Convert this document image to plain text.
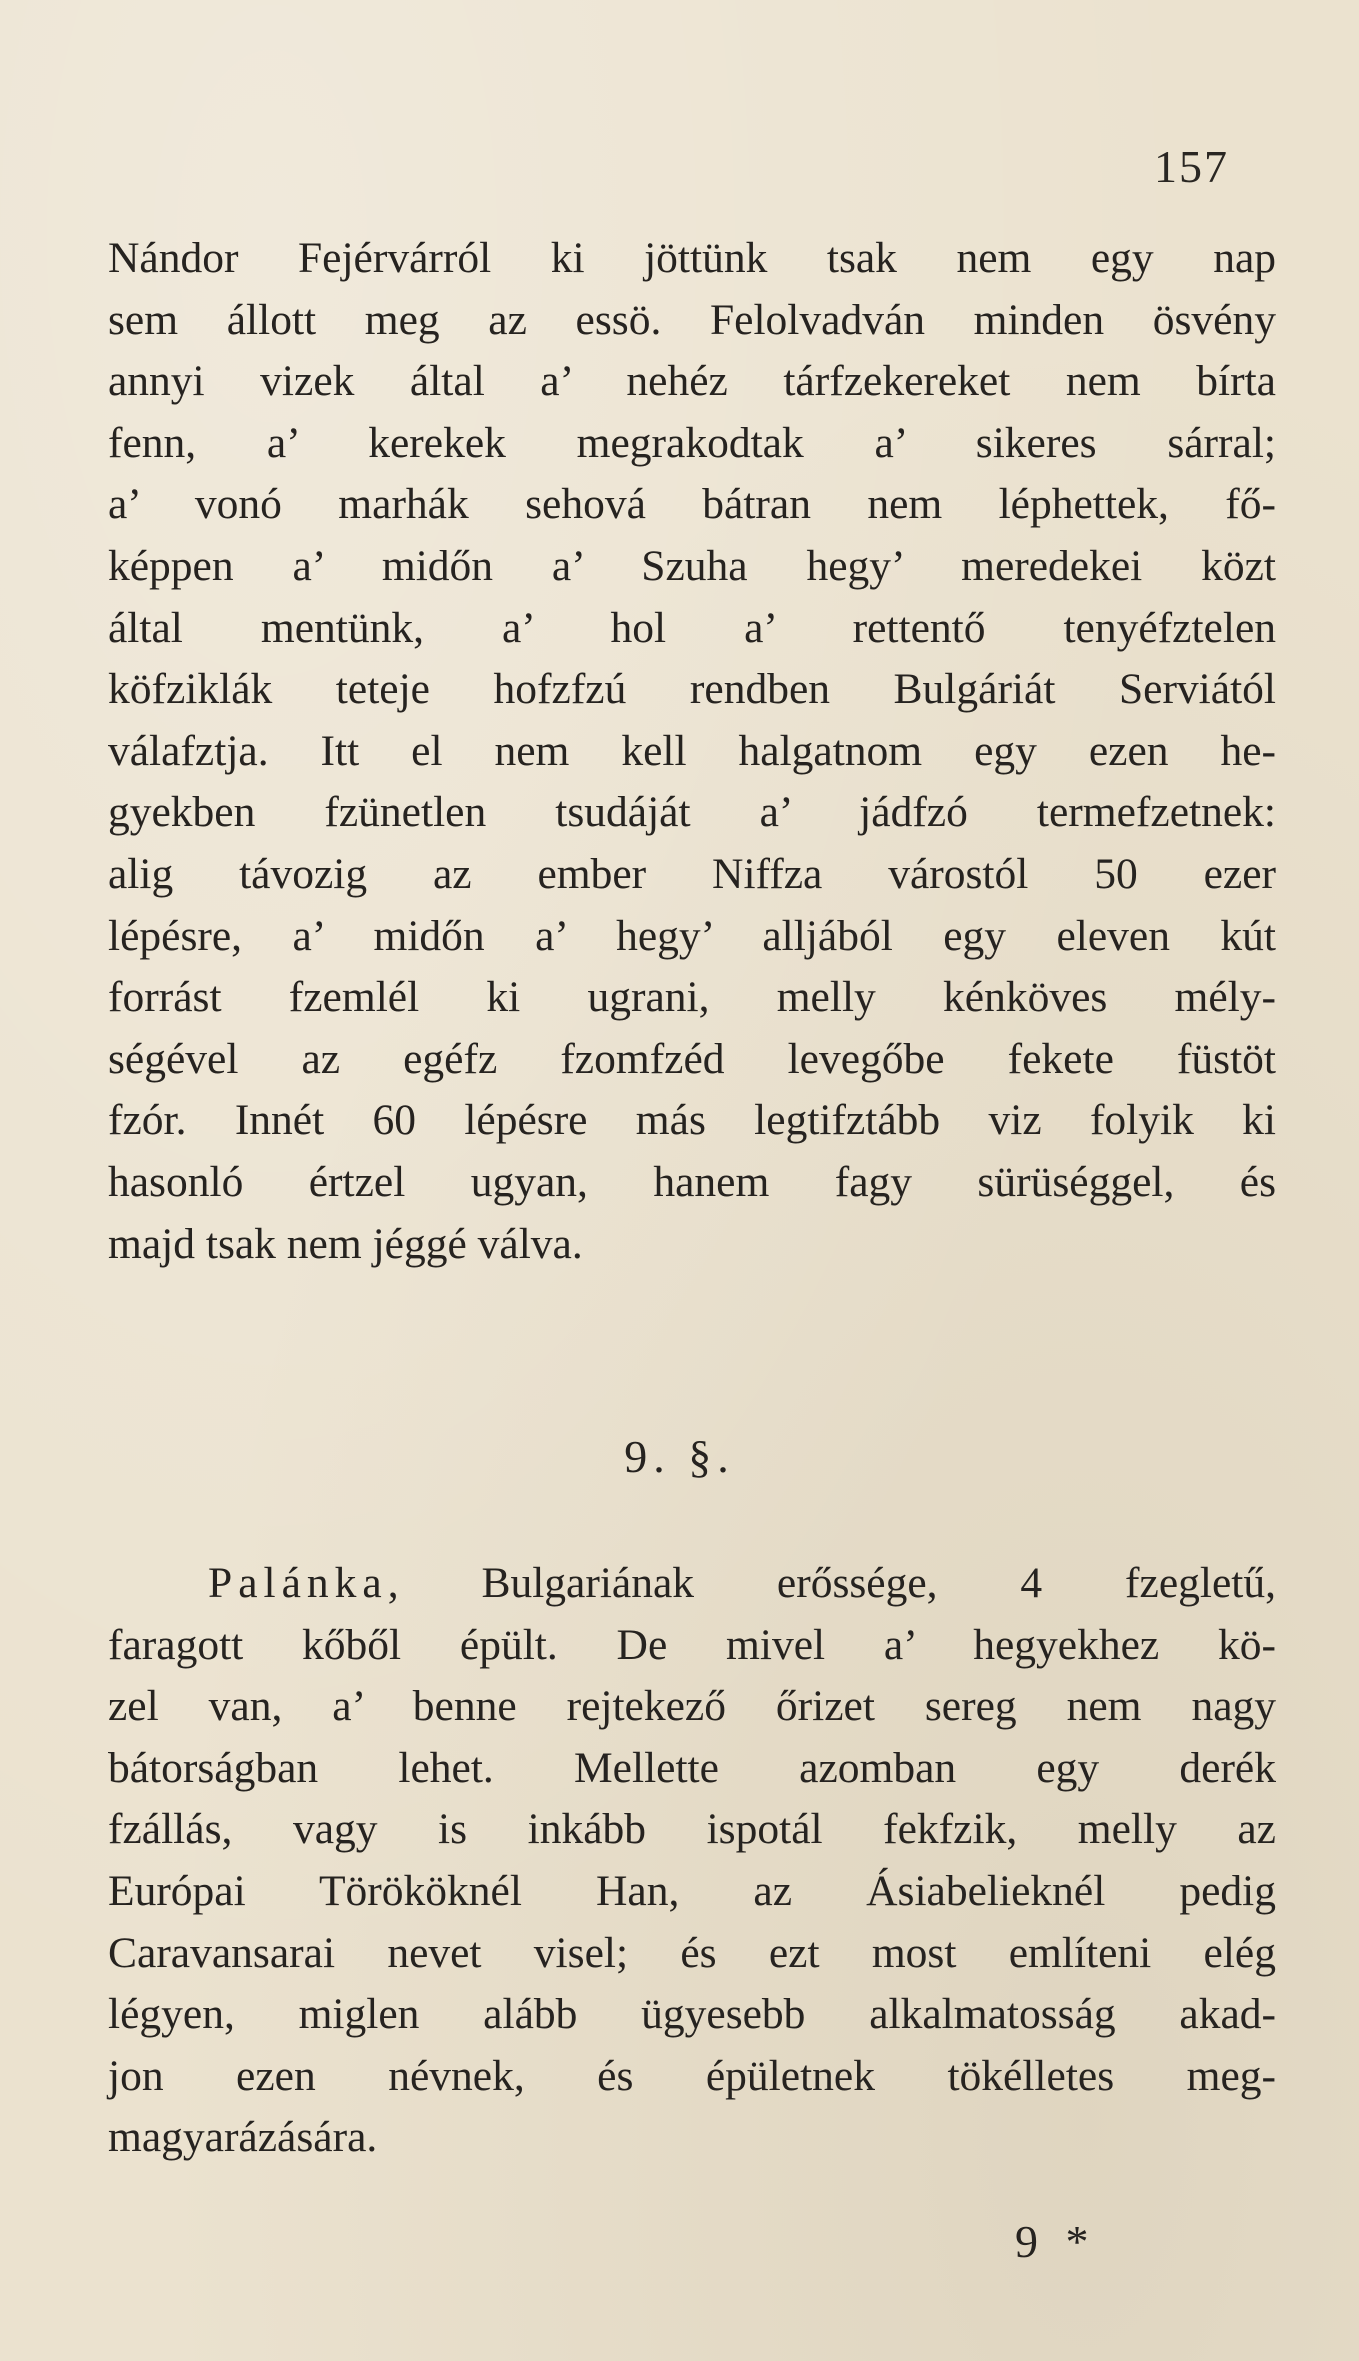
157
Nándor Fejérvárról ki jöttünk tsak nem egy nap
sem állott meg az essö. Felolvadván minden ösvény
annyi vizek által a’ nehéz tárfzekereket nem bírta
fenn, a’ kerekek megrakodtak a’ sikeres sárral;
a’ vonó marhák sehová bátran nem léphettek, fő-
képpen a’ midőn a’ Szuha hegy’ meredekei közt
által mentünk, a’ hol a’ rettentő tenyéfztelen
köfziklák teteje hofzfzú rendben Bulgáriát Serviától
válafztja. Itt el nem kell halgatnom egy ezen he-
gyekben fzünetlen tsudáját a’ jádfzó termefzetnek:
alig távozig az ember Niffza várostól 50 ezer
lépésre, a’ midőn a’ hegy’ alljából egy eleven kút
forrást fzemlél ki ugrani, melly kénköves mély-
ségével az egéfz fzomfzéd levegőbe fekete füstöt
fzór. Innét 60 lépésre más legtifztább viz folyik ki
hasonló értzel ugyan, hanem fagy sürüséggel, és
majd tsak nem jéggé válva.
9. §.
Palánka, Bulgariának erőssége, 4 fzegletű,
faragott kőből épült. De mivel a’ hegyekhez kö-
zel van, a’ benne rejtekező őrizet sereg nem nagy
bátorságban lehet. Mellette azomban egy derék
fzállás, vagy is inkább ispotál fekfzik, melly az
Európai Törököknél Han, az Ásiabelieknél pedig
Caravansarai nevet visel; és ezt most említeni elég
légyen, miglen alább ügyesebb alkalmatosság akad-
jon ezen névnek, és épületnek tökélletes meg-
magyarázására.
9 *
